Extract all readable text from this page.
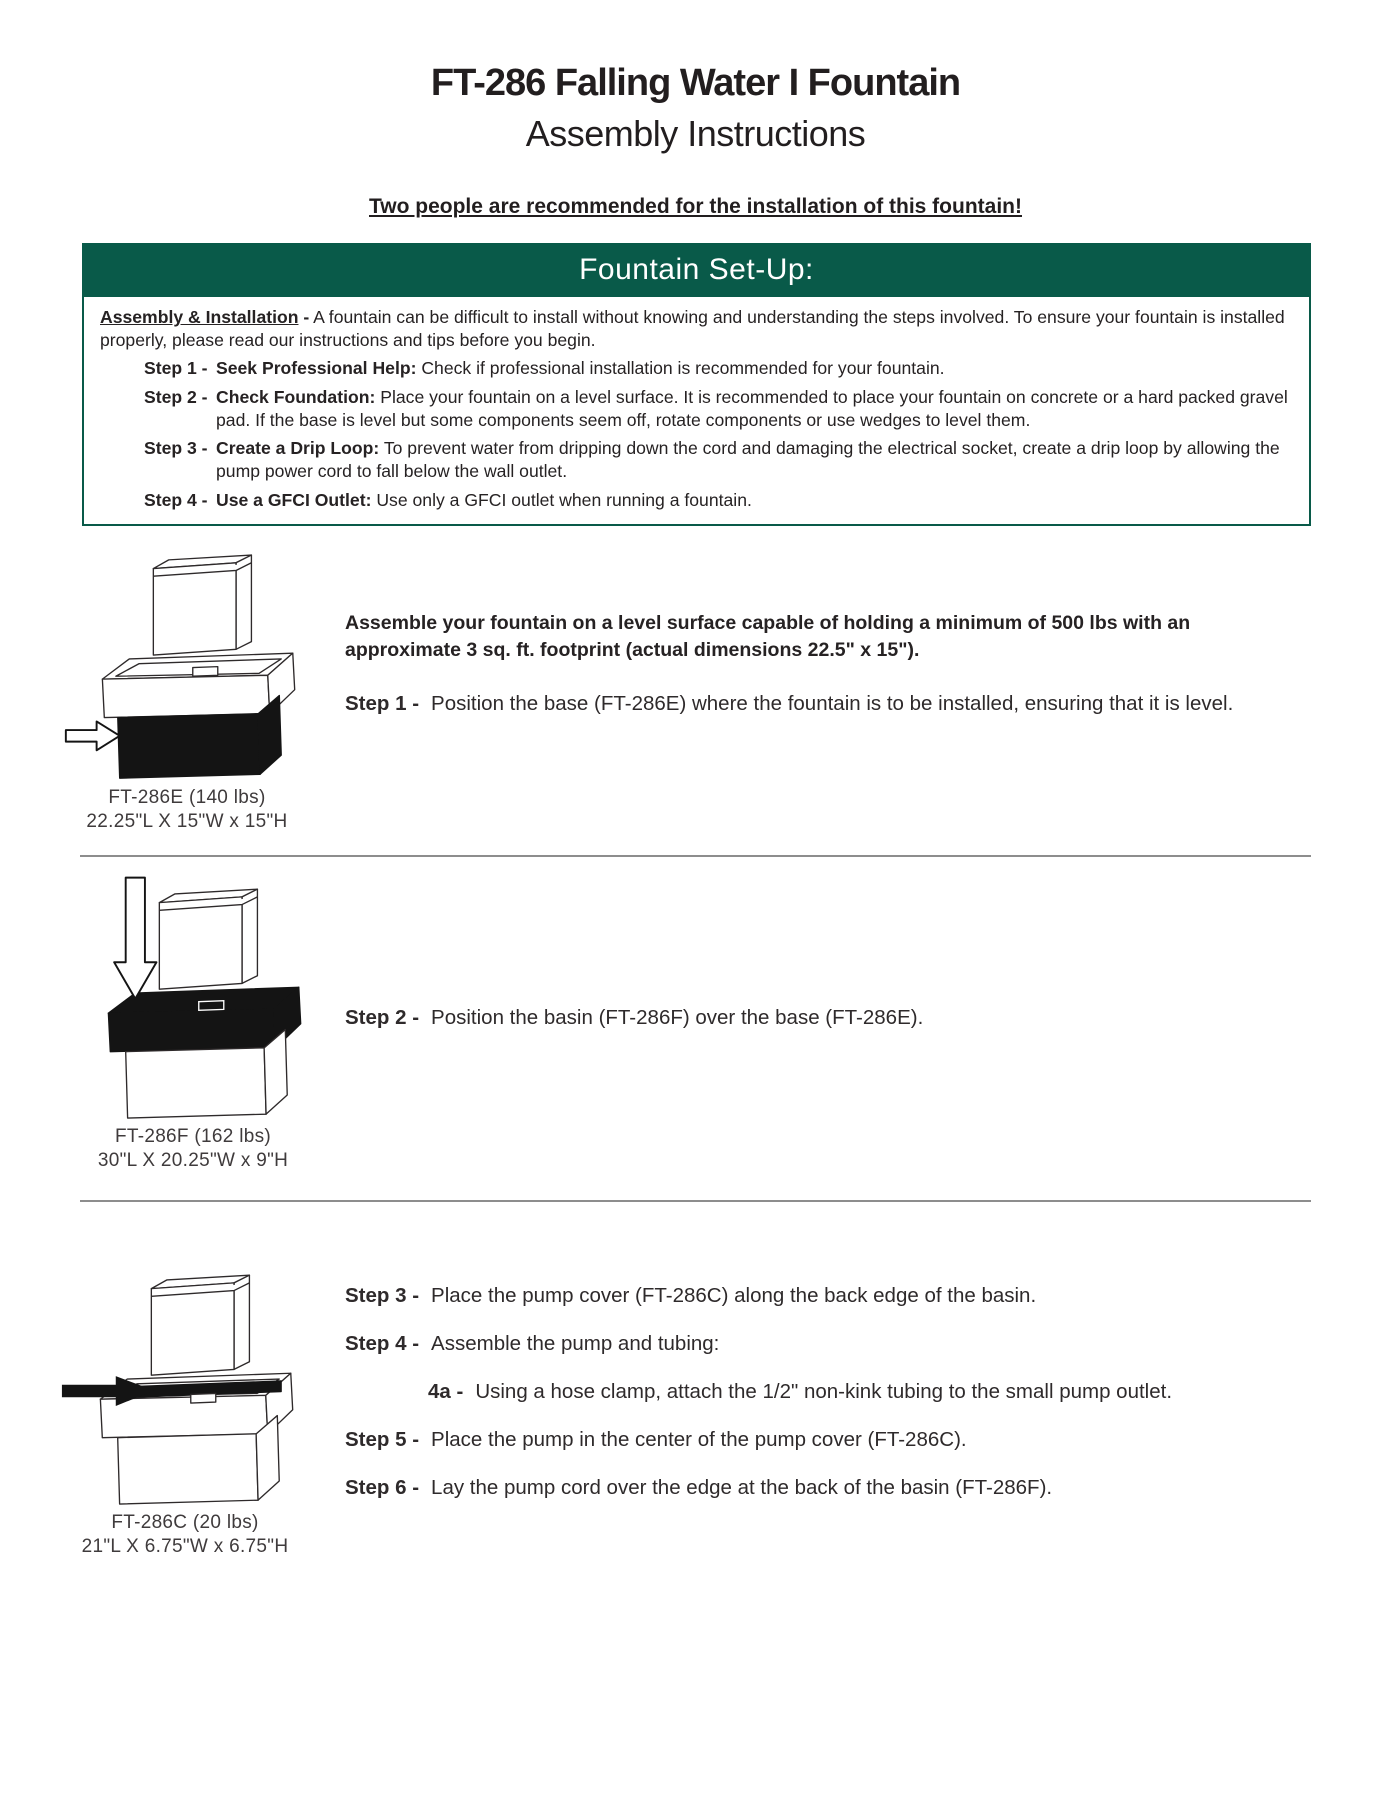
FT-286 Falling Water I Fountain
Assembly Instructions

Two people are recommended for the installation of this fountain!

Fountain Set-Up:

Assembly & Installation - A fountain can be difficult to install without knowing and understanding the steps involved. To ensure your fountain is installed properly, please read our instructions and tips before you begin.

Step 1 - Seek Professional Help: Check if professional installation is recommended for your fountain.
Step 2 - Check Foundation: Place your fountain on a level surface. It is recommended to place your fountain on concrete or a hard packed gravel pad. If the base is level but some components seem off, rotate components or use wedges to level them.
Step 3 - Create a Drip Loop: To prevent water from dripping down the cord and damaging the electrical socket, create a drip loop by allowing the pump power cord to fall below the wall outlet.
Step 4 - Use a GFCI Outlet: Use only a GFCI outlet when running a fountain.
FT-286E (140 lbs)
22.25"L X 15"W x 15"H

Assemble your fountain on a level surface capable of holding a minimum of 500 lbs with an approximate 3 sq. ft. footprint (actual dimensions 22.5" x 15").

Step 1 - Position the base (FT-286E) where the fountain is to be installed, ensuring that it is level.
FT-286F (162 lbs)
30"L X 20.25"W x 9"H
Step 2 - Position the basin (FT-286F) over the base (FT-286E).
FT-286C (20 lbs)
21"L X 6.75"W x 6.75"H
Step 3 - Place the pump cover (FT-286C) along the back edge of the basin.
Step 4 - Assemble the pump and tubing:
4a - Using a hose clamp, attach the 1/2" non-kink tubing to the small pump outlet.
Step 5 - Place the pump in the center of the pump cover (FT-286C).
Step 6 - Lay the pump cord over the edge at the back of the basin (FT-286F).
